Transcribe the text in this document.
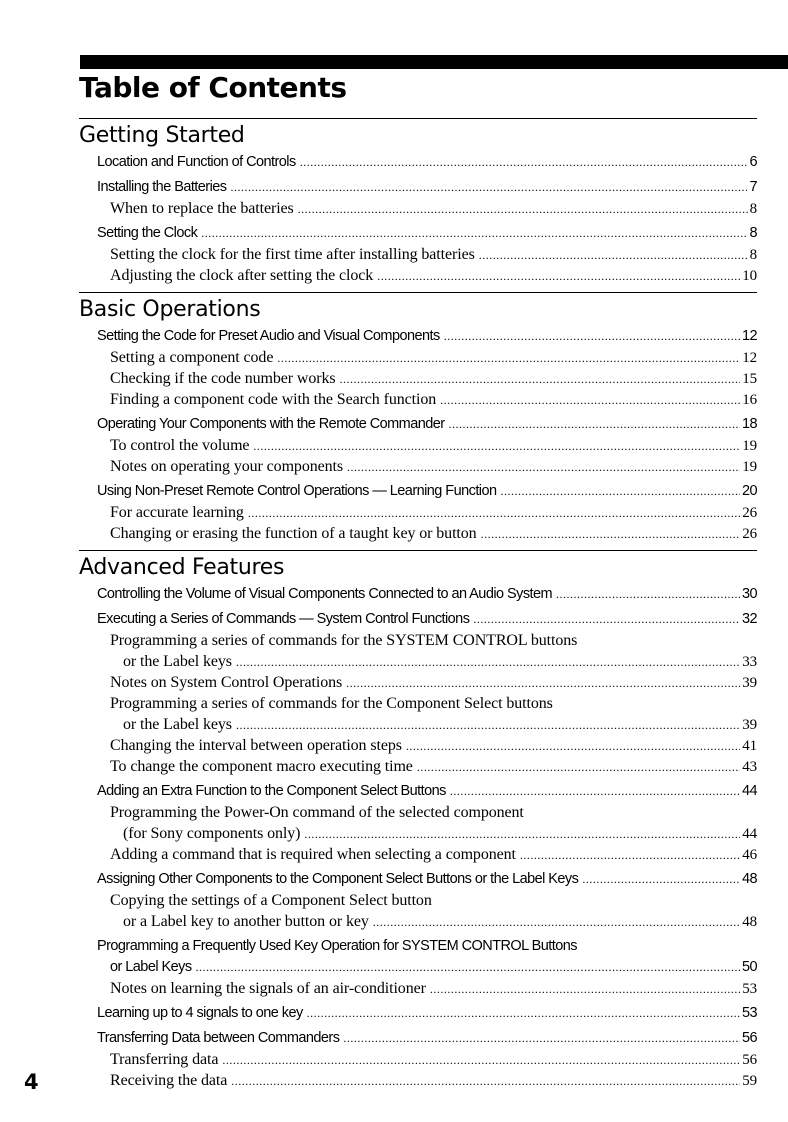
Table of Contents
Getting Started
Location and Function of Controls .....	6
Installing the Batteries .....	7
When to replace the batteries .....	8
Setting the Clock .....	8
Setting the clock for the first time after installing batteries .....	8
Adjusting the clock after setting the clock .....	10
Basic Operations
Setting the Code for Preset Audio and Visual Components .....	12
Setting a component code .....	12
Checking if the code number works .....	15
Finding a component code with the Search function .....	16
Operating Your Components with the Remote Commander .....	18
To control the volume .....	19
Notes on operating your components .....	19
Using Non-Preset Remote Control Operations — Learning Function .....	20
For accurate learning .....	26
Changing or erasing the function of a taught key or button .....	26
Advanced Features
Controlling the Volume of Visual Components Connected to an Audio System .....	30
Executing a Series of Commands — System Control Functions .....	32
Programming a series of commands for the SYSTEM CONTROL buttons
or the Label keys .....	33
Notes on System Control Operations .....	39
Programming a series of commands for the Component Select buttons
or the Label keys .....	39
Changing the interval between operation steps .....	41
To change the component macro executing time .....	43
Adding an Extra Function to the Component Select Buttons .....	44
Programming the Power-On command of the selected component
(for Sony components only) .....	44
Adding a command that is required when selecting a component .....	46
Assigning Other Components to the Component Select Buttons or the Label Keys .....	48
Copying the settings of a Component Select button
or a Label key to another button or key .....	48
Programming a Frequently Used Key Operation for SYSTEM CONTROL Buttons
or Label Keys .....	50
Notes on learning the signals of an air-conditioner .....	53
Learning up to 4 signals to one key .....	53
Transferring Data between Commanders .....	56
Transferring data .....	56
Receiving the data .....	59
4
